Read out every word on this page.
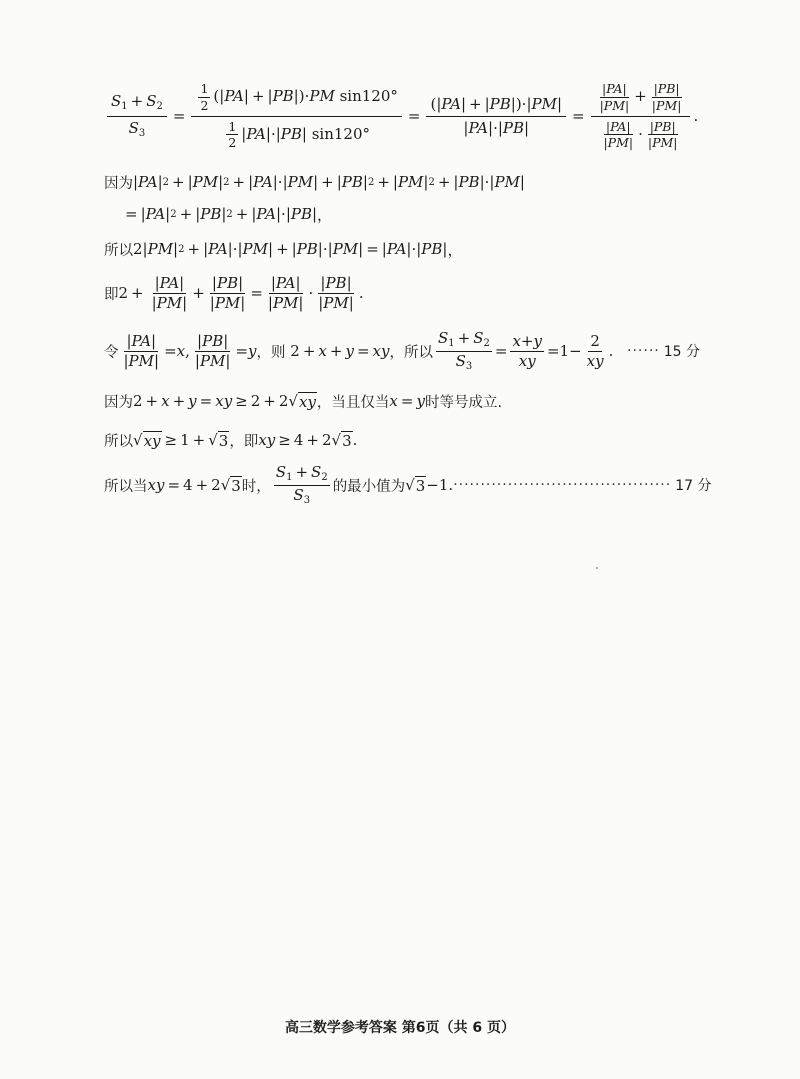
$\frac{S_1 + S_2}{S_3} = \frac{\frac{1}{2} (|PA| + |PB|)\cdot PM \sin 120^\circ}{\frac{1}{2} |PA|\cdot|PB| \sin 120^\circ} = \frac{(|PA| + |PB|)\cdot|PM|}{|PA|\cdot|PB|} = \frac{\frac{|PA|}{|PM|} + \frac{|PB|}{|PM|}}{\frac{|PA|}{|PM|} \cdot \frac{|PB|}{|PM|}}$ .
因为 |PA| 2 + |PM| 2 + |PA| · |PM| + |PB| 2 + |PM| 2 + |PB| · |PM|
= |PA| 2 + |PB| 2 + |PA| · |PB| ，
所以 2 |PM| 2 + |PA| · |PM| + |PB| · |PM| = |PA| · |PB| ，
即 $2 + \frac{|PA|}{|PM|} + \frac{|PB|}{|PM|} = \frac{|PA|}{|PM|} \cdot \frac{|PB|}{|PM|}$ .
令 $\frac{|PA|}{|PM|} = x$ , $\frac{|PB|}{|PM|} = y$ ，则
2 + x + y = xy ，所以 $\frac{S_1 + S_2}{S_3} = \frac{x+y}{xy} = 1 - \frac{2}{xy}$ . ······ 15 分
因为 2 + x + y = xy ≥ 2 + 2 √ xy ，当且仅当 x = y 时等号成立.
所以 √ xy ≥ 1 + √ 3 ，即 xy ≥ 4 + 2 √ 3 .
所以当 xy = 4 + 2 √ 3 时， $\frac{S_1 + S_2}{S_3}$ 的最小值为 √ 3 − 1 . ········································ 17 分
高三数学参考答案 第6页（共 6 页）
